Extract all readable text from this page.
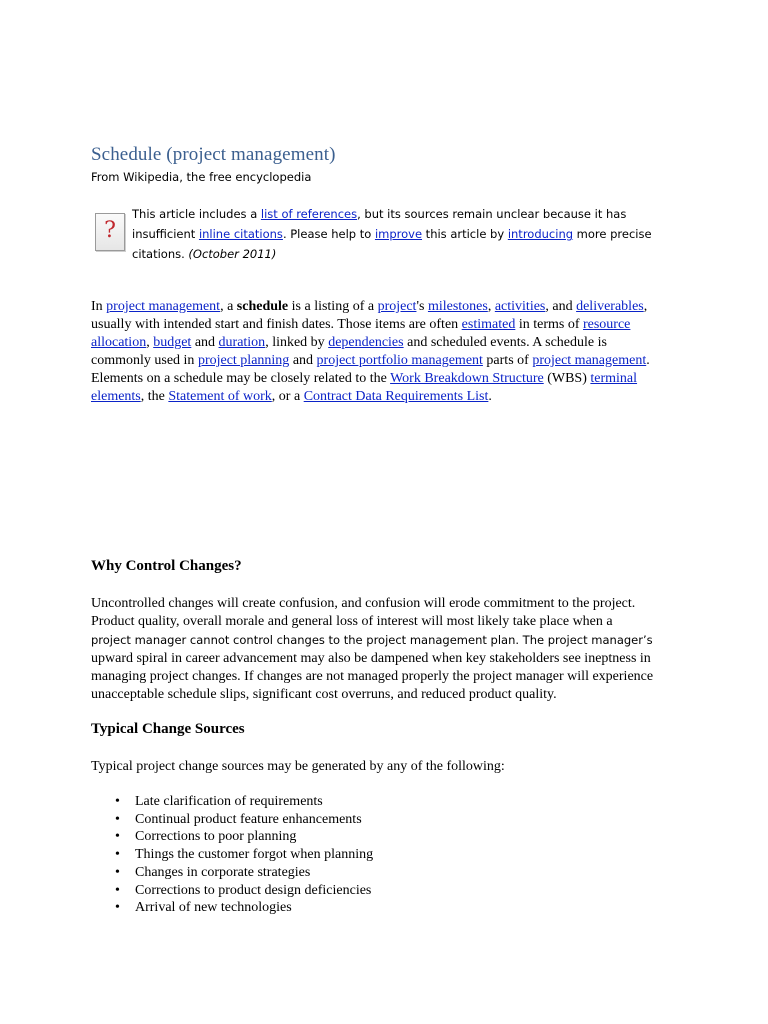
Schedule (project management)
From Wikipedia, the free encyclopedia
?
This article includes a list of references, but its sources remain unclear because it has insufficient inline citations. Please help to improve this article by introducing more precise citations. (October 2011)

In project management, a schedule is a listing of a project's milestones, activities, and deliverables, usually with intended start and finish dates. Those items are often estimated in terms of resource allocation, budget and duration, linked by dependencies and scheduled events. A schedule is commonly used in project planning and project portfolio management parts of project management. Elements on a schedule may be closely related to the Work Breakdown Structure (WBS) terminal elements, the Statement of work, or a Contract Data Requirements List.

Why Control Changes?

Uncontrolled changes will create confusion, and confusion will erode commitment to the project. Product quality, overall morale and general loss of interest will most likely take place when a project manager cannot control changes to the project management plan. The project manager’s upward spiral in career advancement may also be dampened when key stakeholders see ineptness in managing project changes. If changes are not managed properly the project manager will experience unacceptable schedule slips, significant cost overruns, and reduced product quality.

Typical Change Sources

Typical project change sources may be generated by any of the following:

• Late clarification of requirements
• Continual product feature enhancements
• Corrections to poor planning
• Things the customer forgot when planning
• Changes in corporate strategies
• Corrections to product design deficiencies
• Arrival of new technologies
